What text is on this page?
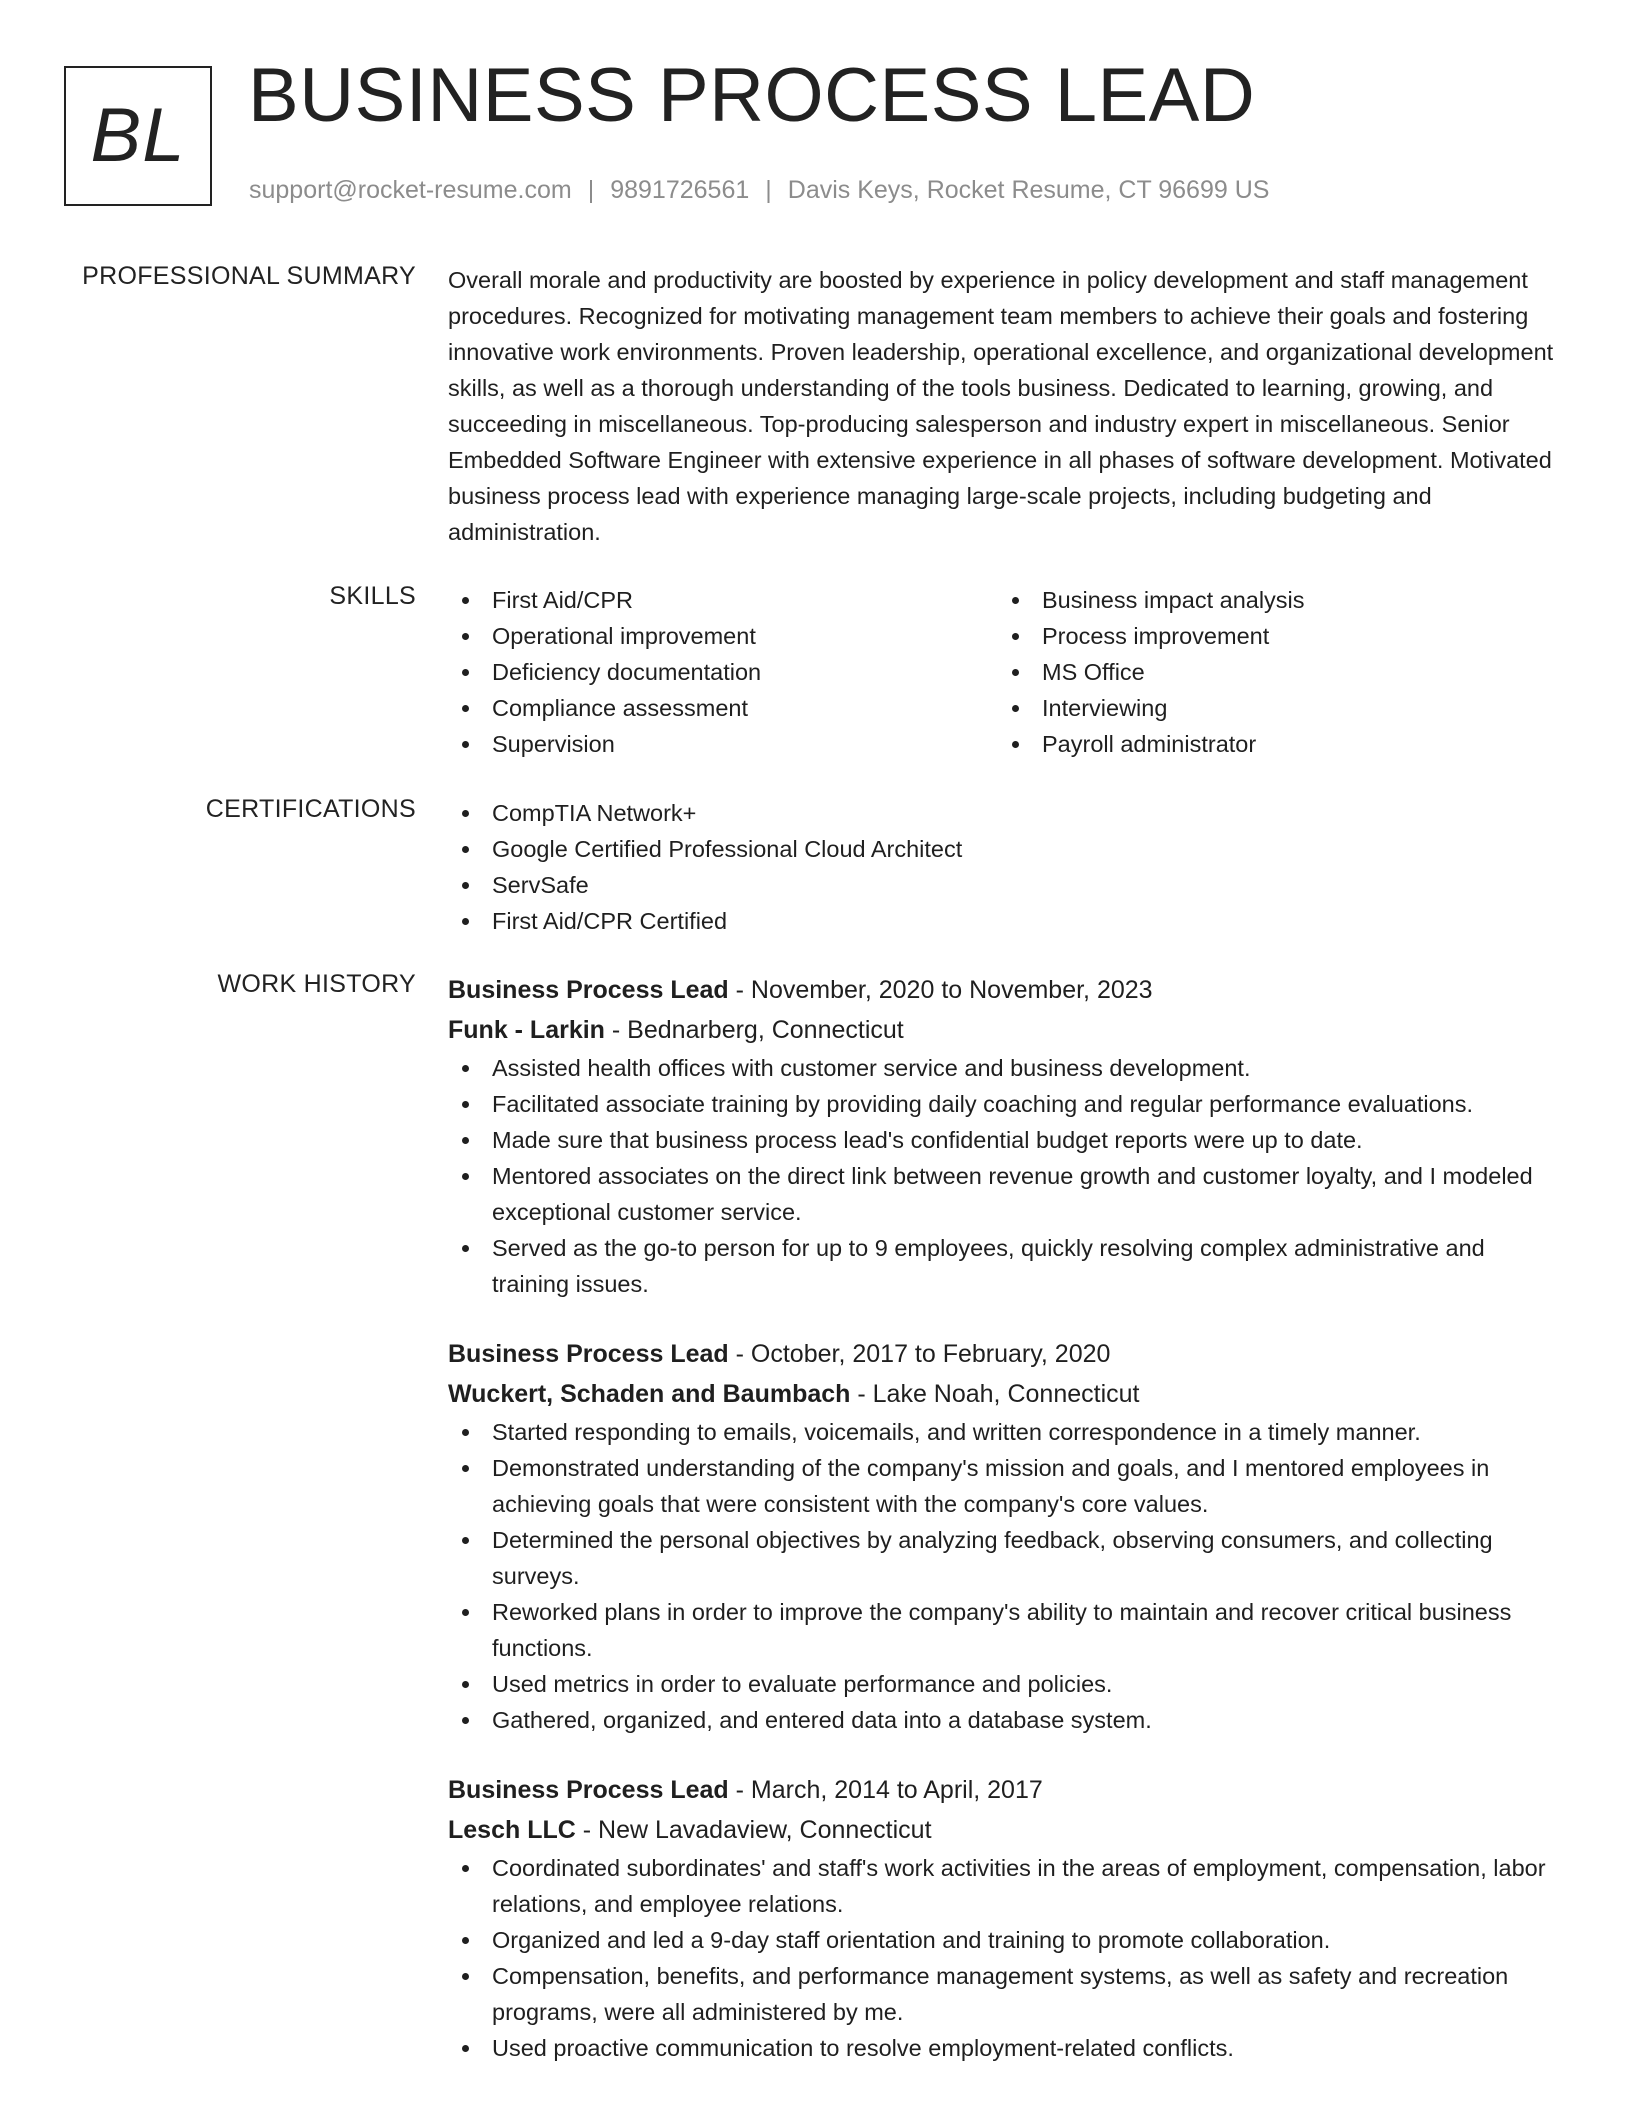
BL BUSINESS PROCESS LEAD
support@rocket-resume.com | 9891726561 | Davis Keys, Rocket Resume, CT 96699 US
PROFESSIONAL SUMMARY Overall morale and productivity are boosted by experience in policy development and staff management procedures. Recognized for motivating management team members to achieve their goals and fostering innovative work environments. Proven leadership, operational excellence, and organizational development skills, as well as a thorough understanding of the tools business. Dedicated to learning, growing, and succeeding in miscellaneous. Top-producing salesperson and industry expert in miscellaneous. Senior Embedded Software Engineer with extensive experience in all phases of software development. Motivated business process lead with experience managing large-scale projects, including budgeting and administration.

SKILLS	First Aid/CPR
Operational improvement
Deficiency documentation
Compliance assessment
Supervision
Business impact analysis
Process improvement
MS Office
Interviewing
Payroll administrator
CERTIFICATIONS	CompTIA Network+
Google Certified Professional Cloud Architect
ServSafe
First Aid/CPR Certified
WORK HISTORY Business Process Lead - November, 2020 to November, 2023
Funk - Larkin - Bednarberg, Connecticut
Assisted health offices with customer service and business development.
Facilitated associate training by providing daily coaching and regular performance evaluations.
Made sure that business process lead's confidential budget reports were up to date.
Mentored associates on the direct link between revenue growth and customer loyalty, and I modeled exceptional customer service.
Served as the go-to person for up to 9 employees, quickly resolving complex administrative and training issues.
Business Process Lead - October, 2017 to February, 2020
Wuckert, Schaden and Baumbach - Lake Noah, Connecticut
Started responding to emails, voicemails, and written correspondence in a timely manner.
Demonstrated understanding of the company's mission and goals, and I mentored employees in achieving goals that were consistent with the company's core values.
Determined the personal objectives by analyzing feedback, observing consumers, and collecting surveys.
Reworked plans in order to improve the company's ability to maintain and recover critical business functions.
Used metrics in order to evaluate performance and policies.
Gathered, organized, and entered data into a database system.
Business Process Lead - March, 2014 to April, 2017
Lesch LLC - New Lavadaview, Connecticut
Coordinated subordinates' and staff's work activities in the areas of employment, compensation, labor relations, and employee relations.
Organized and led a 9-day staff orientation and training to promote collaboration.
Compensation, benefits, and performance management systems, as well as safety and recreation programs, were all administered by me.
Used proactive communication to resolve employment-related conflicts.
